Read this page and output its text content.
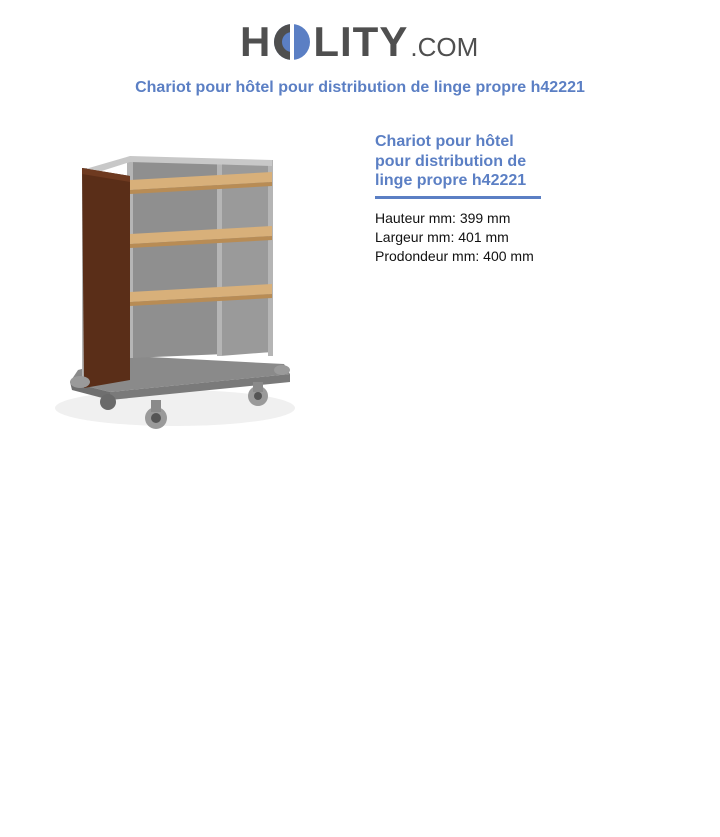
H LITY .COM
Chariot pour hôtel pour distribution de linge propre h42221
Chariot pour hôtel pour distribution de linge propre h42221
Hauteur mm: 399 mm
Largeur mm: 401 mm
Prodondeur mm: 400 mm
